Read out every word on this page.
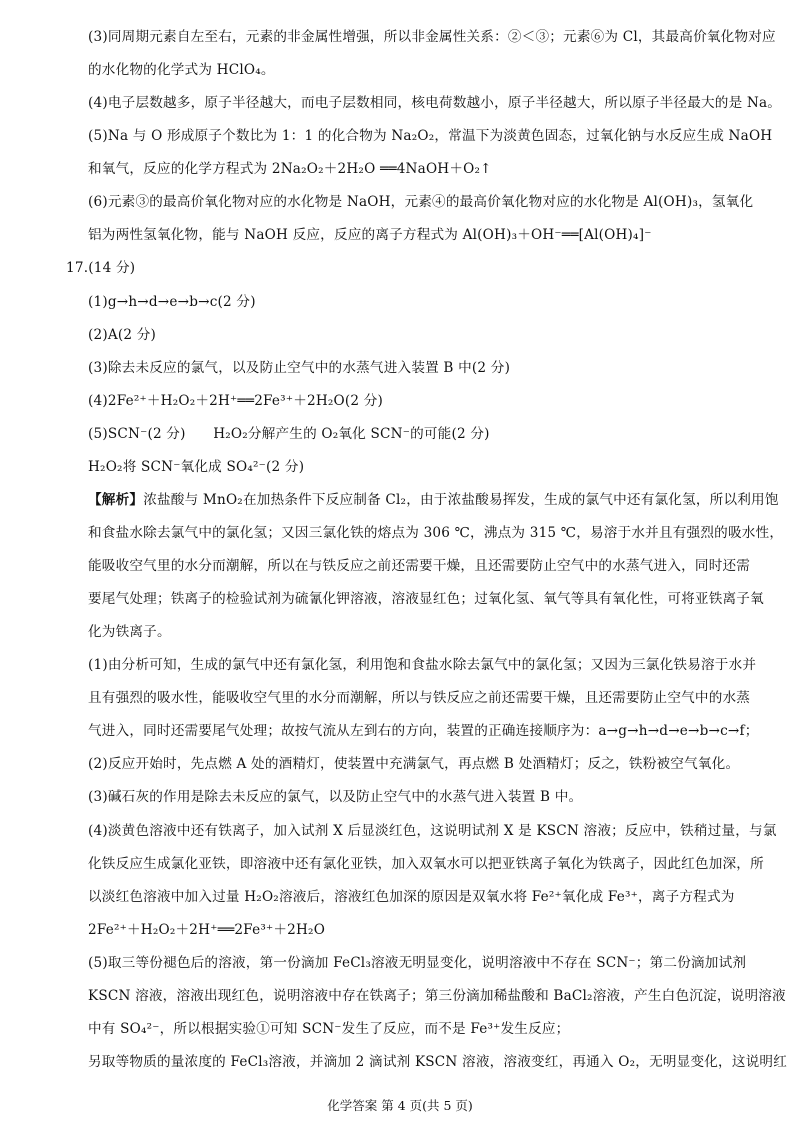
(3)同周期元素自左至右，元素的非金属性增强，所以非金属性关系：②＜③；元素⑥为 Cl，其最高价氧化物对应
的水化物的化学式为 HClO₄。
(4)电子层数越多，原子半径越大，而电子层数相同，核电荷数越小，原子半径越大，所以原子半径最大的是 Na。
(5)Na 与 O 形成原子个数比为 1：1 的化合物为 Na₂O₂，常温下为淡黄色固态，过氧化钠与水反应生成 NaOH
和氧气，反应的化学方程式为 2Na₂O₂＋2H₂O ══4NaOH＋O₂↑
(6)元素③的最高价氧化物对应的水化物是 NaOH，元素④的最高价氧化物对应的水化物是 Al(OH)₃，氢氧化
铝为两性氢氧化物，能与 NaOH 反应，反应的离子方程式为 Al(OH)₃＋OH⁻══[Al(OH)₄]⁻
17.(14 分)
(1)g→h→d→e→b→c(2 分)
(2)A(2 分)
(3)除去未反应的氯气，以及防止空气中的水蒸气进入装置 B 中(2 分)
(4)2Fe²⁺＋H₂O₂＋2H⁺══2Fe³⁺＋2H₂O(2 分)
(5)SCN⁻(2 分)　　H₂O₂分解产生的 O₂氧化 SCN⁻的可能(2 分)
H₂O₂将 SCN⁻氧化成 SO₄²⁻(2 分)
【解析】浓盐酸与 MnO₂在加热条件下反应制备 Cl₂，由于浓盐酸易挥发，生成的氯气中还有氯化氢，所以利用饱
和食盐水除去氯气中的氯化氢；又因三氯化铁的熔点为 306 ℃，沸点为 315 ℃，易溶于水并且有强烈的吸水性，
能吸收空气里的水分而潮解，所以在与铁反应之前还需要干燥，且还需要防止空气中的水蒸气进入，同时还需
要尾气处理；铁离子的检验试剂为硫氰化钾溶液，溶液显红色；过氧化氢、氧气等具有氧化性，可将亚铁离子氧
化为铁离子。
(1)由分析可知，生成的氯气中还有氯化氢，利用饱和食盐水除去氯气中的氯化氢；又因为三氯化铁易溶于水并
且有强烈的吸水性，能吸收空气里的水分而潮解，所以与铁反应之前还需要干燥，且还需要防止空气中的水蒸
气进入，同时还需要尾气处理；故按气流从左到右的方向，装置的正确连接顺序为：a→g→h→d→e→b→c→f；
(2)反应开始时，先点燃 A 处的酒精灯，使装置中充满氯气，再点燃 B 处酒精灯；反之，铁粉被空气氧化。
(3)碱石灰的作用是除去未反应的氯气，以及防止空气中的水蒸气进入装置 B 中。
(4)淡黄色溶液中还有铁离子，加入试剂 X 后显淡红色，这说明试剂 X 是 KSCN 溶液；反应中，铁稍过量，与氯
化铁反应生成氯化亚铁，即溶液中还有氯化亚铁，加入双氧水可以把亚铁离子氧化为铁离子，因此红色加深，所
以淡红色溶液中加入过量 H₂O₂溶液后，溶液红色加深的原因是双氧水将 Fe²⁺氧化成 Fe³⁺，离子方程式为
2Fe²⁺＋H₂O₂＋2H⁺══2Fe³⁺＋2H₂O
(5)取三等份褪色后的溶液，第一份滴加 FeCl₃溶液无明显变化，说明溶液中不存在 SCN⁻；第二份滴加试剂
KSCN 溶液，溶液出现红色，说明溶液中存在铁离子；第三份滴加稀盐酸和 BaCl₂溶液，产生白色沉淀，说明溶液
中有 SO₄²⁻，所以根据实验①可知 SCN⁻发生了反应，而不是 Fe³⁺发生反应；
另取等物质的量浓度的 FeCl₃溶液，并滴加 2 滴试剂 KSCN 溶液，溶液变红，再通入 O₂，无明显变化，这说明红
化学答案 第 4 页(共 5 页)
